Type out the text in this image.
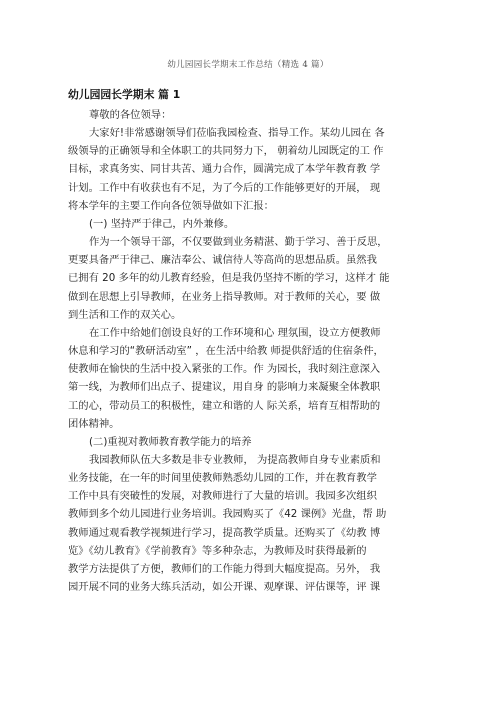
幼儿园园长学期末工作总结（精选 4 篇）
幼儿园园长学期末 篇 1
尊敬的各位领导：
大家好!非常感谢领导们莅临我园检查、指导工作。某幼儿园在 各
级领导的正确领导和全体职工的共同努力下， 朝着幼儿园既定的工 作
目标，求真务实、同甘共苦、通力合作，圆满完成了本学年教育教 学
计划。工作中有收获也有不足，为了今后的工作能够更好的开展， 现
将本学年的主要工作向各位领导做如下汇报：
(一) 坚持严于律己，内外兼修。
作为一个领导干部，不仅要做到业务精湛、勤于学习、善于反思，
更要具备严于律己、廉洁奉公、诚信待人等高尚的思想品质。虽然我
已拥有 20 多年的幼儿教育经验，但是我仍坚持不断的学习，这样才 能
做到在思想上引导教师，在业务上指导教师。对于教师的关心，要 做
到生活和工作的双关心。
在工作中给她们创设良好的工作环境和心 理氛围，设立方便教师
休息和学习的“教研活动室” ，在生活中给教 师提供舒适的住宿条件，
使教师在愉快的生活中投入紧张的工作。作 为园长，我时刻注意深入
第一线，为教师们出点子、提建议，用自身 的影响力来凝聚全体教职
工的心，带动员工的积极性，建立和谐的人 际关系，培育互相帮助的
团体精神。
(二)重视对教师教育教学能力的培养
我园教师队伍大多数是非专业教师， 为提高教师自身专业素质和
业务技能，在一年的时间里使教师熟悉幼儿园的工作，并在教育教学
工作中具有突破性的发展，对教师进行了大量的培训。我园多次组织
教师到多个幼儿园进行业务培训。我园购买了《42 课例》光盘，帮 助
教师通过观看教学视频进行学习，提高教学质量。还购买了《幼教 博
览》《幼儿教育》《学前教育》等多种杂志，为教师及时获得最新的
教学方法提供了方便，教师们的工作能力得到大幅度提高。另外， 我
园开展不同的业务大练兵活动，如公开课、观摩课、评估课等，评 课
